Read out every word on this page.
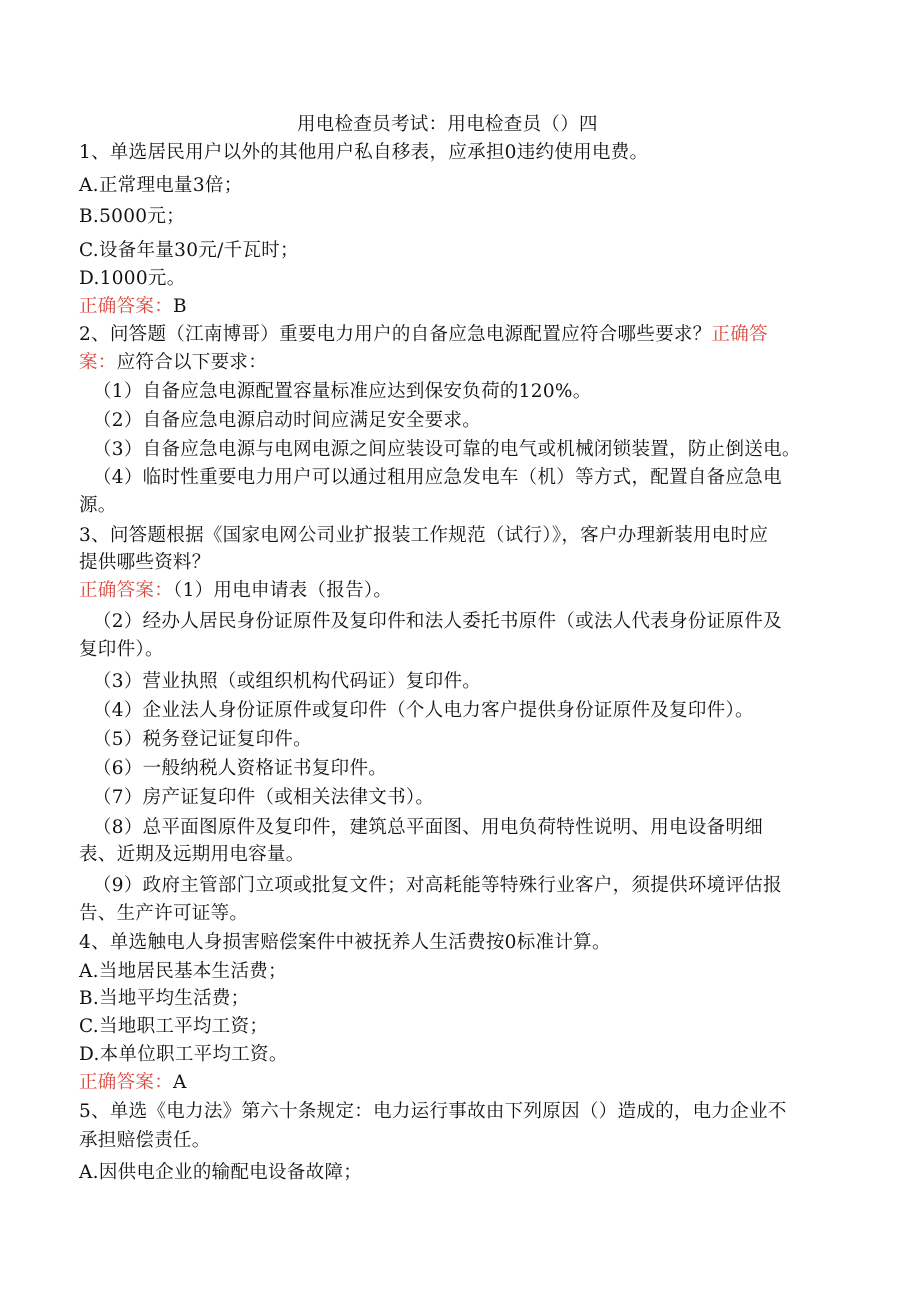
用电检查员考试：用电检查员（）四
1、单选居民用户以外的其他用户私自移表，应承担0违约使用电费。
A.正常理电量3倍；
B.5000元；
C.设备年量30元/千瓦时；
D.1000元。
正确答案：B
2、问答题（江南博哥）重要电力用户的自备应急电源配置应符合哪些要求？正确答
案：应符合以下要求：
（1）自备应急电源配置容量标准应达到保安负荷的120%。
（2）自备应急电源启动时间应满足安全要求。
（3）自备应急电源与电网电源之间应装设可靠的电气或机械闭锁装置，防止倒送电。
（4）临时性重要电力用户可以通过租用应急发电车（机）等方式，配置自备应急电
源。
3、问答题根据《国家电网公司业扩报装工作规范（试行）》，客户办理新装用电时应
提供哪些资料？
正确答案：（1）用电申请表（报告）。
（2）经办人居民身份证原件及复印件和法人委托书原件（或法人代表身份证原件及
复印件）。
（3）营业执照（或组织机构代码证）复印件。
（4）企业法人身份证原件或复印件（个人电力客户提供身份证原件及复印件）。
（5）税务登记证复印件。
（6）一般纳税人资格证书复印件。
（7）房产证复印件（或相关法律文书）。
（8）总平面图原件及复印件，建筑总平面图、用电负荷特性说明、用电设备明细
表、近期及远期用电容量。
（9）政府主管部门立项或批复文件；对高耗能等特殊行业客户，须提供环境评估报
告、生产许可证等。
4、单选触电人身损害赔偿案件中被抚养人生活费按0标准计算。
A.当地居民基本生活费；
B.当地平均生活费；
C.当地职工平均工资；
D.本单位职工平均工资。
正确答案：A
5、单选《电力法》第六十条规定：电力运行事故由下列原因（）造成的，电力企业不
承担赔偿责任。
A.因供电企业的输配电设备故障；
